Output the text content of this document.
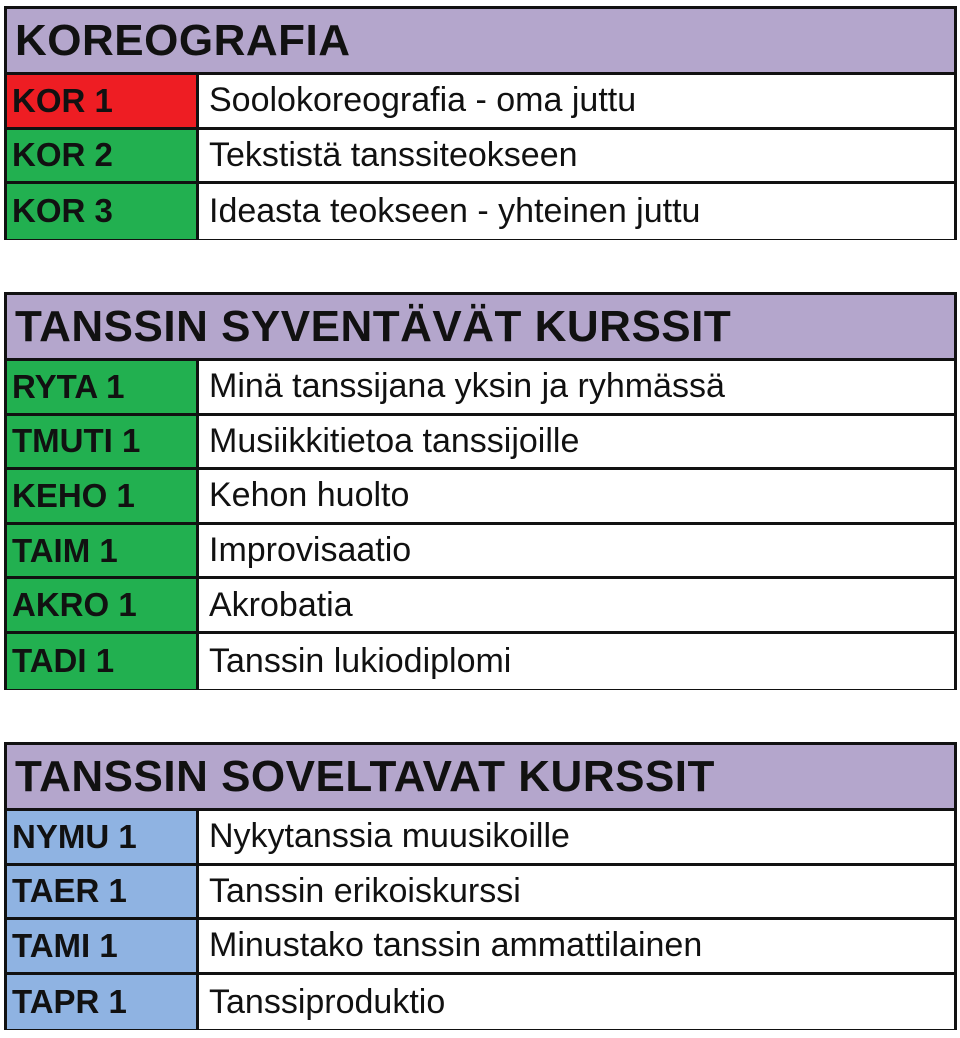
KOREOGRAFIA
KOR 1	Soolokoreografia - oma juttu
KOR 2	Tekstistä tanssiteokseen
KOR 3	Ideasta teokseen - yhteinen juttu
TANSSIN SYVENTÄVÄT KURSSIT
RYTA 1	Minä tanssijana yksin ja ryhmässä
TMUTI 1	Musiikkitietoa tanssijoille
KEHO 1	Kehon huolto
TAIM 1	Improvisaatio
AKRO 1	Akrobatia
TADI 1	Tanssin lukiodiplomi
TANSSIN SOVELTAVAT KURSSIT
NYMU 1	Nykytanssia muusikoille
TAER 1	Tanssin erikoiskurssi
TAMI 1	Minustako tanssin ammattilainen
TAPR 1	Tanssiproduktio
